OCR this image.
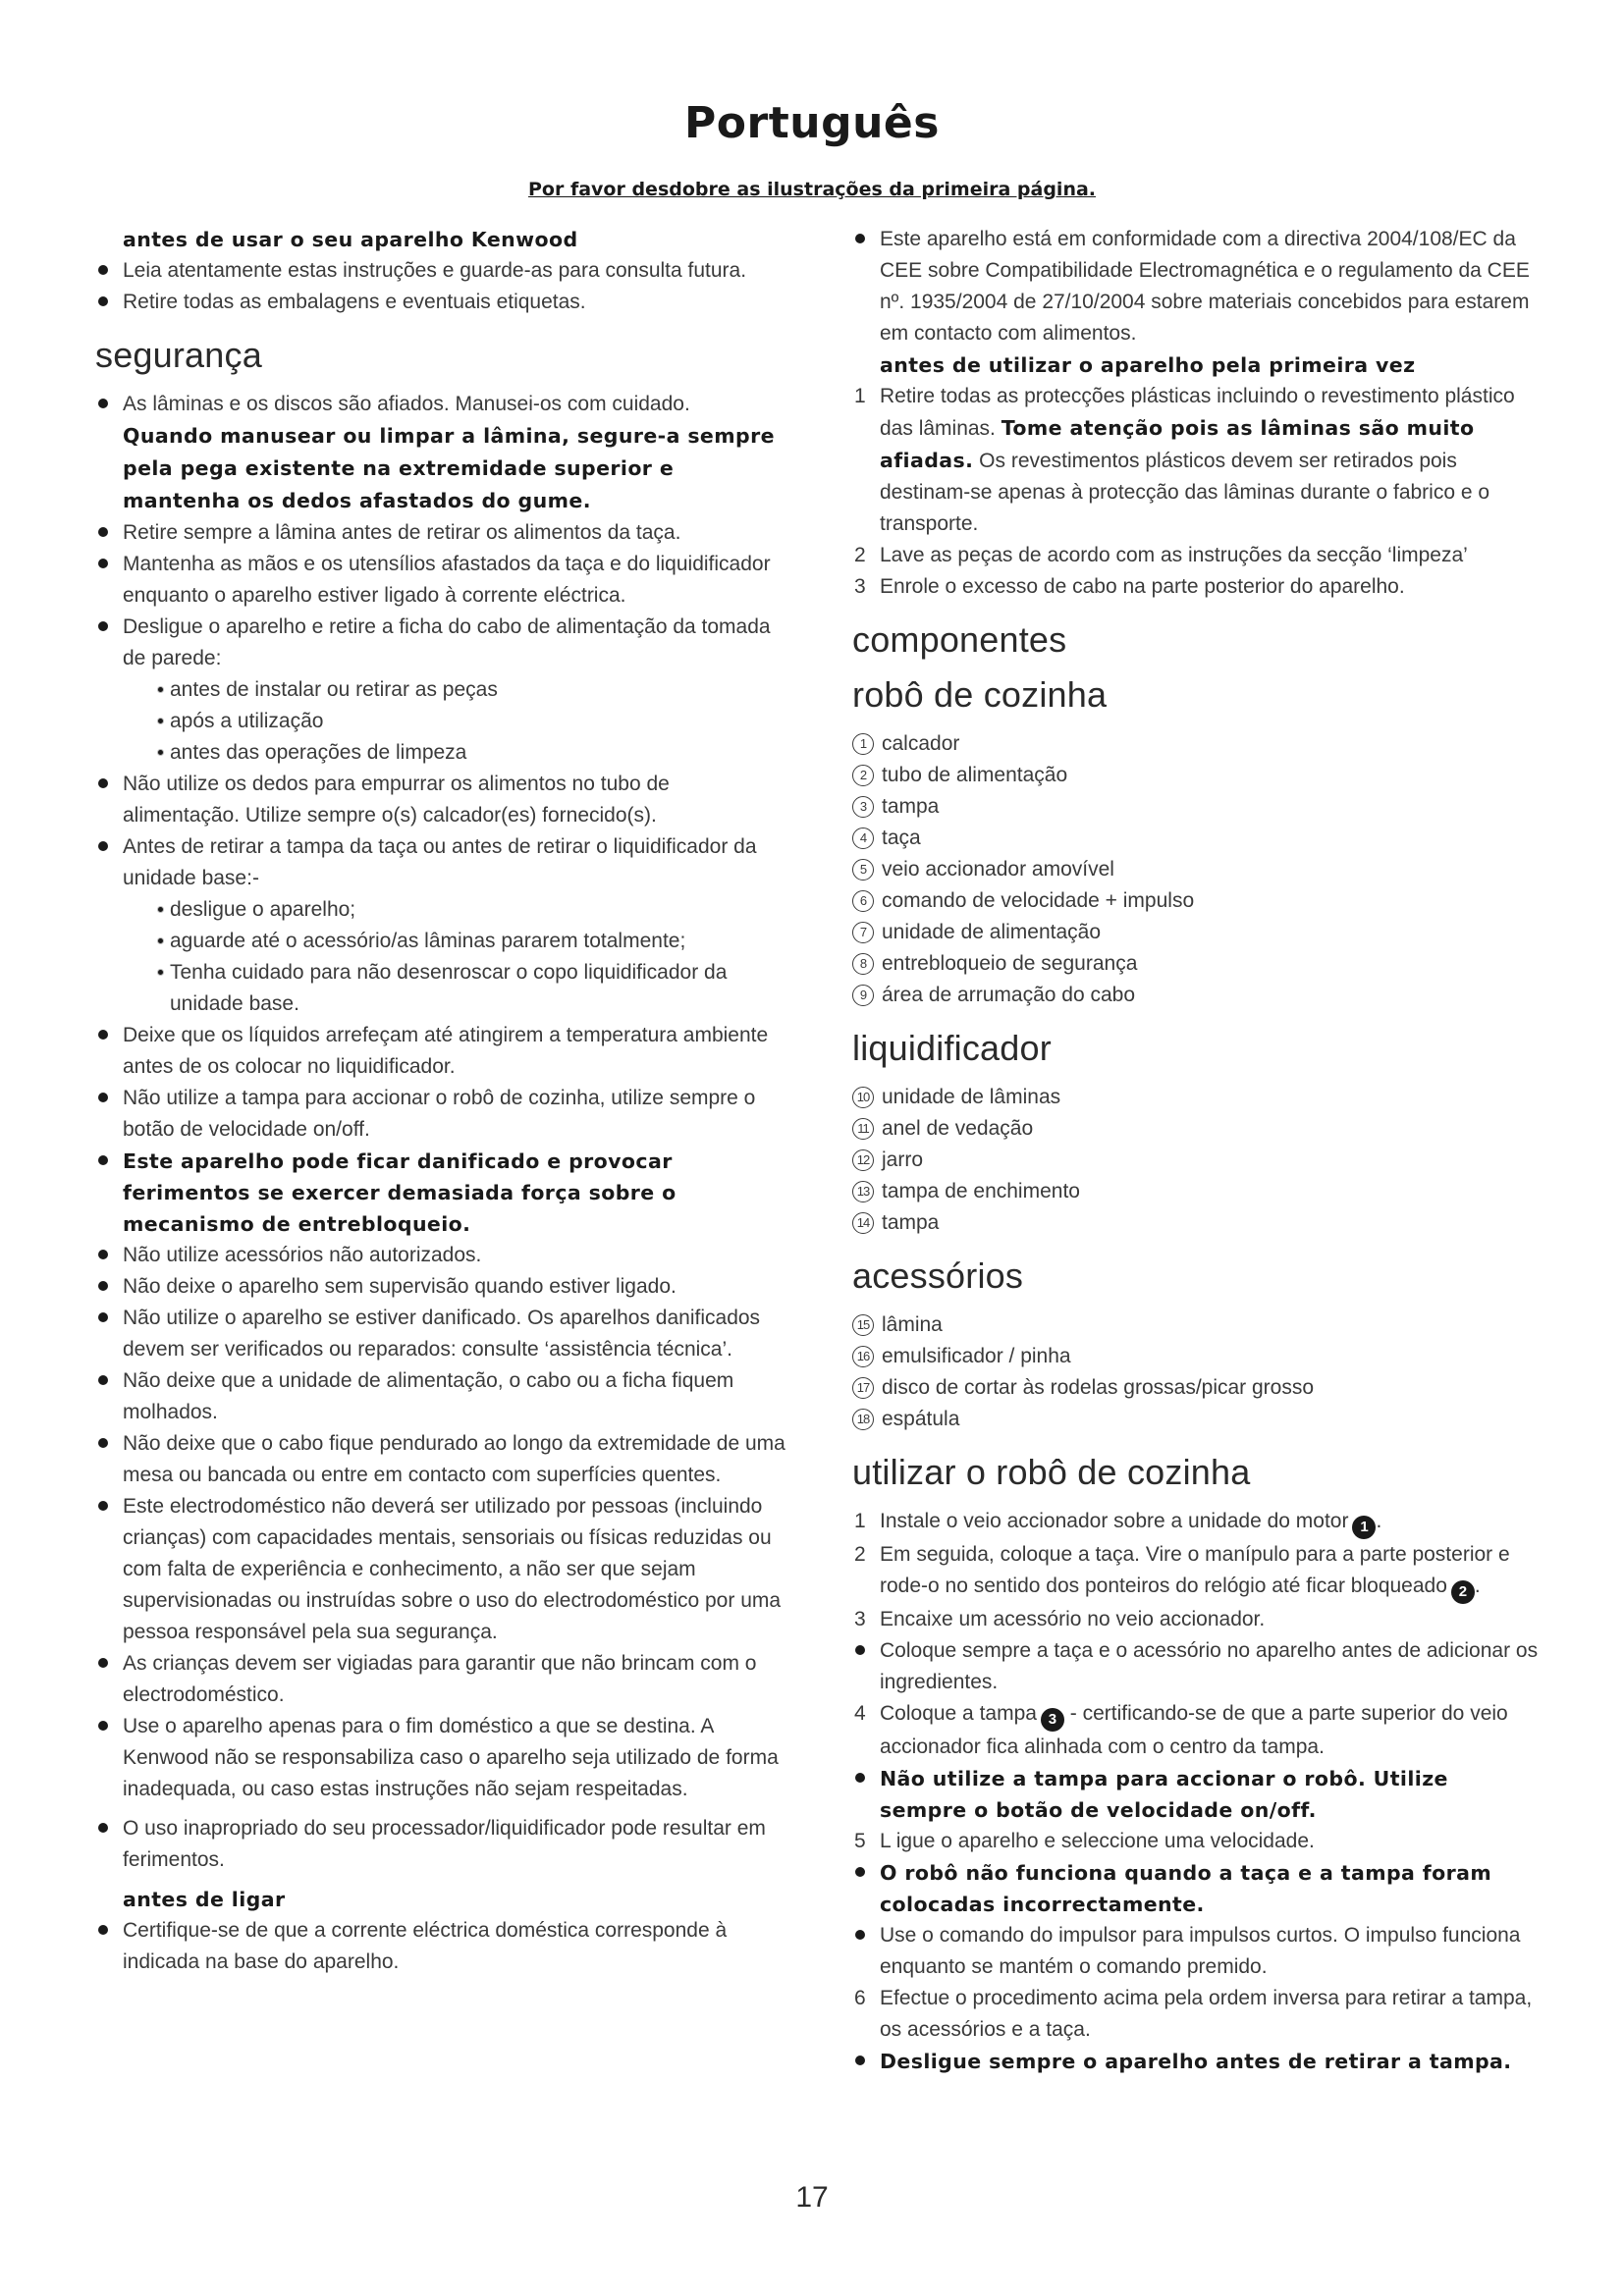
Português
Por favor desdobre as ilustrações da primeira página.

antes de usar o seu aparelho Kenwood

Leia atentamente estas instruções e guarde-as para consulta futura.
Retire todas as embalagens e eventuais etiquetas.
segurança
As lâminas e os discos são afiados. Manusei-os com cuidado.
Quando manusear ou limpar a lâmina, segure-a sempre pela pega existente na extremidade superior e mantenha os dedos afastados do gume.
Retire sempre a lâmina antes de retirar os alimentos da taça.
Mantenha as mãos e os utensílios afastados da taça e do liquidificador enquanto o aparelho estiver ligado à corrente eléctrica.
Desligue o aparelho e retire a ficha do cabo de alimentação da tomada de parede:
antes de instalar ou retirar as peças
após a utilização
antes das operações de limpeza
Não utilize os dedos para empurrar os alimentos no tubo de alimentação. Utilize sempre o(s) calcador(es) fornecido(s).
Antes de retirar a tampa da taça ou antes de retirar o liquidificador da unidade base:-
desligue o aparelho;
aguarde até o acessório/as lâminas pararem totalmente;
Tenha cuidado para não desenroscar o copo liquidificador da unidade base.
Deixe que os líquidos arrefeçam até atingirem a temperatura ambiente antes de os colocar no liquidificador.
Não utilize a tampa para accionar o robô de cozinha, utilize sempre o botão de velocidade on/off.
Este aparelho pode ficar danificado e provocar ferimentos se exercer demasiada força sobre o mecanismo de entrebloqueio.
Não utilize acessórios não autorizados.
Não deixe o aparelho sem supervisão quando estiver ligado.
Não utilize o aparelho se estiver danificado. Os aparelhos danificados devem ser verificados ou reparados: consulte ‘assistência técnica’.
Não deixe que a unidade de alimentação, o cabo ou a ficha fiquem molhados.
Não deixe que o cabo fique pendurado ao longo da extremidade de uma mesa ou bancada ou entre em contacto com superfícies quentes.
Este electrodoméstico não deverá ser utilizado por pessoas (incluindo crianças) com capacidades mentais, sensoriais ou físicas reduzidas ou com falta de experiência e conhecimento, a não ser que sejam supervisionadas ou instruídas sobre o uso do electrodoméstico por uma pessoa responsável pela sua segurança.
As crianças devem ser vigiadas para garantir que não brincam com o electrodoméstico.
Use o aparelho apenas para o fim doméstico a que se destina. A Kenwood não se responsabiliza caso o aparelho seja utilizado de forma inadequada, ou caso estas instruções não sejam respeitadas.
O uso inapropriado do seu processador/liquidificador pode resultar em ferimentos.

antes de ligar

Certifique-se de que a corrente eléctrica doméstica corresponde à indicada na base do aparelho.
Este aparelho está em conformidade com a directiva 2004/108/EC da CEE sobre Compatibilidade Electromagnética e o regulamento da CEE nº. 1935/2004 de 27/10/2004 sobre materiais concebidos para estarem em contacto com alimentos.

antes de utilizar o aparelho pela primeira vez

1 Retire todas as protecções plásticas incluindo o revestimento plástico das lâminas. Tome atenção pois as lâminas são muito afiadas. Os revestimentos plásticos devem ser retirados pois destinam-se apenas à protecção das lâminas durante o fabrico e o transporte.
2 Lave as peças de acordo com as instruções da secção ‘limpeza’
3 Enrole o excesso de cabo na parte posterior do aparelho.
componentes
robô de cozinha
1 calcador
2 tubo de alimentação
3 tampa
4 taça
5 veio accionador amovível
6 comando de velocidade + impulso
7 unidade de alimentação
8 entrebloqueio de segurança
9 área de arrumação do cabo
liquidificador
10 unidade de lâminas
11 anel de vedação
12 jarro
13 tampa de enchimento
14 tampa
acessórios
15 lâmina
16 emulsificador / pinha
17 disco de cortar às rodelas grossas/picar grosso
18 espátula
utilizar o robô de cozinha
1 Instale o veio accionador sobre a unidade do motor 1 .
2 Em seguida, coloque a taça. Vire o manípulo para a parte posterior e rode-o no sentido dos ponteiros do relógio até ficar bloqueado 2 .
3 Encaixe um acessório no veio accionador.
Coloque sempre a taça e o acessório no aparelho antes de adicionar os ingredientes.
4 Coloque a tampa 3 - certificando-se de que a parte superior do veio accionador fica alinhada com o centro da tampa.
Não utilize a tampa para accionar o robô. Utilize sempre o botão de velocidade on/off.
5 L igue o aparelho e seleccione uma velocidade.
O robô não funciona quando a taça e a tampa foram colocadas incorrectamente.
Use o comando do impulsor para impulsos curtos. O impulso funciona enquanto se mantém o comando premido.
6 Efectue o procedimento acima pela ordem inversa para retirar a tampa, os acessórios e a taça.
Desligue sempre o aparelho antes de retirar a tampa.
17
